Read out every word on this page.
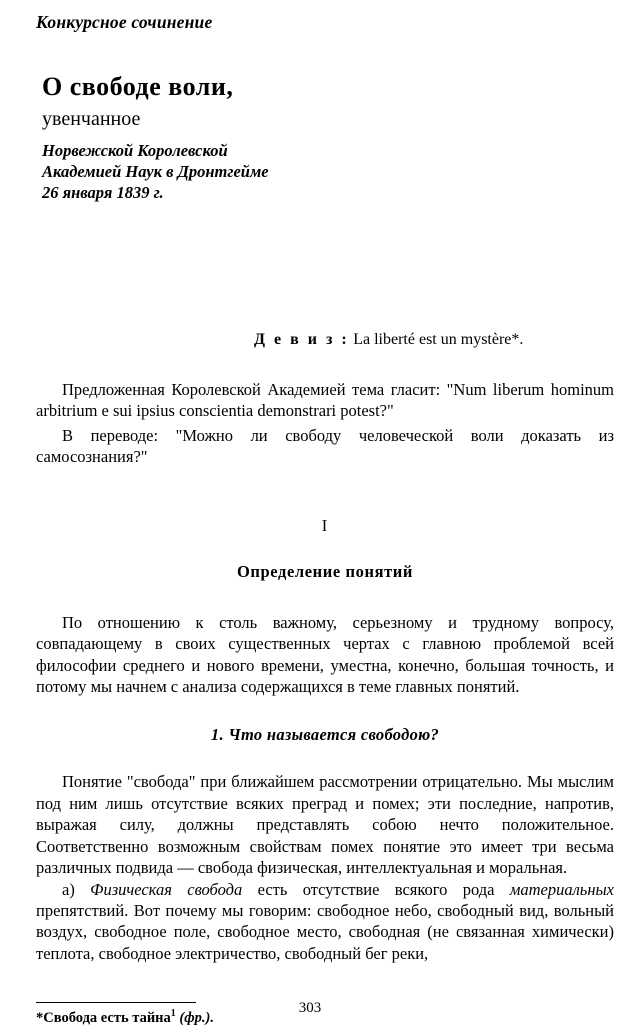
Конкурсное сочинение
О свободе воли,
увенчанное
Норвежской Королевской
Академией Наук в Дронтгейме
26 января 1839 г.
Д е в и з : La liberté est un mystère*.

Предложенная Королевской Академией тема гласит: "Num liberum hominum arbitrium e sui ipsius conscientia demonstrari potest?"

В переводе: "Можно ли свободу человеческой воли доказать из самосознания?"

I
Определение понятий

По отношению к столь важному, серьезному и трудному вопросу, совпадающему в своих существенных чертах с главною проблемой всей философии среднего и нового времени, уместна, конечно, большая точность, и потому мы начнем с анализа содержащихся в теме главных понятий.

1. Что называется свободою?

Понятие "свобода" при ближайшем рассмотрении отрицательно. Мы мыслим под ним лишь отсутствие всяких преград и помех; эти последние, напротив, выражая силу, должны представлять собою нечто положительное. Соответственно возможным свойствам помех понятие это имеет три весьма различных подвида — свобода физическая, интеллектуальная и моральная.

а) Физическая свобода есть отсутствие всякого рода материальных препятствий. Вот почему мы говорим: свободное небо, свободный вид, вольный воздух, свободное поле, свободное место, свободная (не связанная химически) теплота, свободное электричество, свободный бег реки,

*Свобода есть тайна$^1$ (фр.).
303
